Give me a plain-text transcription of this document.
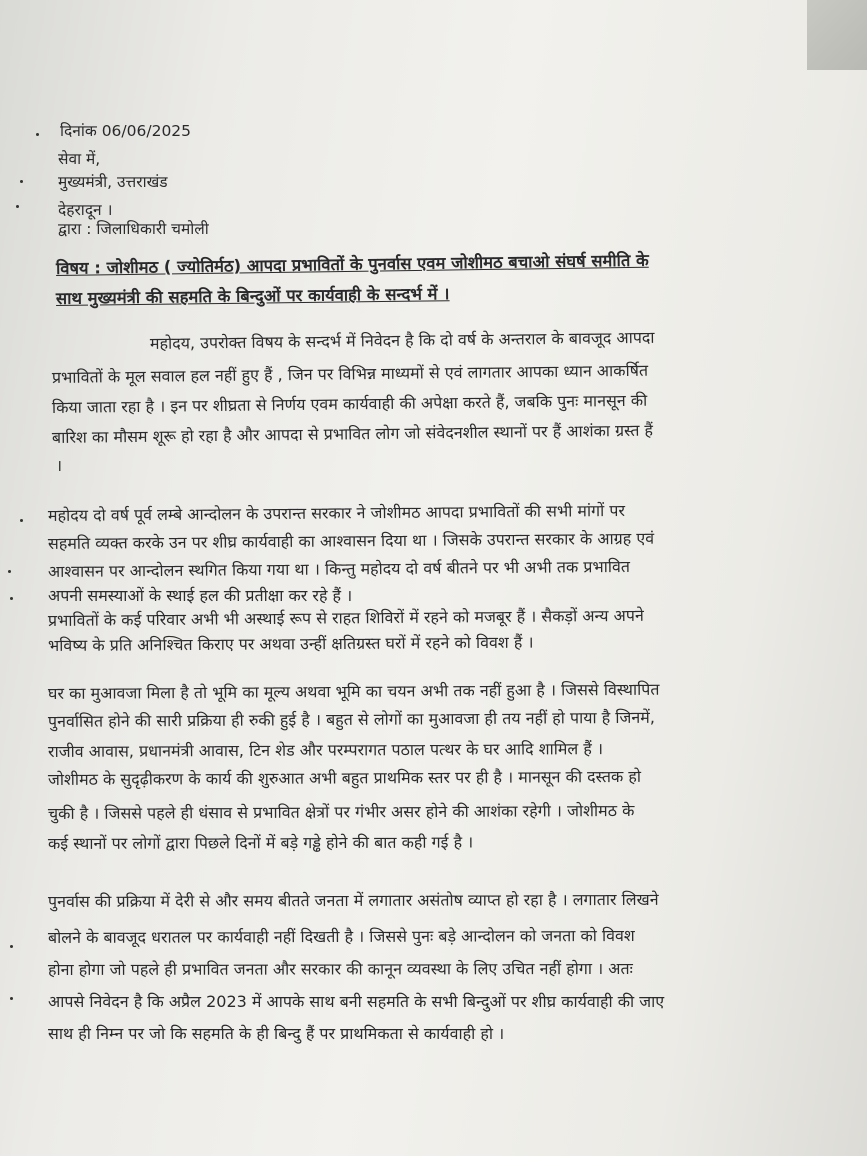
दिनांक 06/06/2025
सेवा में,
मुख्यमंत्री, उत्तराखंड
देहरादून ।
द्वारा : जिलाधिकारी चमोली
विषय : जोशीमठ ( ज्योतिर्मठ) आपदा प्रभावितों के पुनर्वास एवम जोशीमठ बचाओ संघर्ष समीति के
साथ मुख्यमंत्री की सहमति के बिन्दुओं पर कार्यवाही के सन्दर्भ में ।
महोदय, उपरोक्त विषय के सन्दर्भ में निवेदन है कि दो वर्ष के अन्तराल के बावजूद आपदा
प्रभावितों के मूल सवाल हल नहीं हुए हैं , जिन पर विभिन्न माध्यमों से एवं लागतार आपका ध्यान आकर्षित
किया जाता रहा है । इन पर शीघ्रता से निर्णय एवम कार्यवाही की अपेक्षा करते हैं, जबकि पुनः मानसून की
बारिश का मौसम शूरू हो रहा है और आपदा से प्रभावित लोग जो संवेदनशील स्थानों पर हैं आशंका ग्रस्त हैं
।
महोदय दो वर्ष पूर्व लम्बे आन्दोलन के उपरान्त सरकार ने जोशीमठ आपदा प्रभावितों की सभी मांगों पर
सहमति व्यक्त करके उन पर शीघ्र कार्यवाही का आश्वासन दिया था । जिसके उपरान्त सरकार के आग्रह एवं
आश्वासन पर आन्दोलन स्थगित किया गया था । किन्तु महोदय दो वर्ष बीतने पर भी अभी तक प्रभावित
अपनी समस्याओं के स्थाई हल की प्रतीक्षा कर रहे हैं ।
प्रभावितों के कई परिवार अभी भी अस्थाई रूप से राहत शिविरों में रहने को मजबूर हैं । सैकड़ों अन्य अपने
भविष्य के प्रति अनिश्चित किराए पर अथवा उन्हीं क्षतिग्रस्त घरों में रहने को विवश हैं ।
घर का मुआवजा मिला है तो भूमि का मूल्य अथवा भूमि का चयन अभी तक नहीं हुआ है । जिससे विस्थापित
पुनर्वासित होने की सारी प्रक्रिया ही रुकी हुई है । बहुत से लोगों का मुआवजा ही तय नहीं हो पाया है जिनमें,
राजीव आवास, प्रधानमंत्री आवास, टिन शेड और परम्परागत पठाल पत्थर के घर आदि शामिल हैं ।
जोशीमठ के सुदृढ़ीकरण के कार्य की शुरुआत अभी बहुत प्राथमिक स्तर पर ही है । मानसून की दस्तक हो
चुकी है । जिससे पहले ही धंसाव से प्रभावित क्षेत्रों पर गंभीर असर होने की आशंका रहेगी । जोशीमठ के
कई स्थानों पर लोगों द्वारा पिछले दिनों में बड़े गड्ढे होने की बात कही गई है ।
पुनर्वास की प्रक्रिया में देरी से और समय बीतते जनता में लगातार असंतोष व्याप्त हो रहा है । लगातार लिखने
बोलने के बावजूद धरातल पर कार्यवाही नहीं दिखती है । जिससे पुनः बड़े आन्दोलन को जनता को विवश
होना होगा जो पहले ही प्रभावित जनता और सरकार की कानून व्यवस्था के लिए उचित नहीं होगा । अतः
आपसे निवेदन है कि अप्रैल 2023 में आपके साथ बनी सहमति के सभी बिन्दुओं पर शीघ्र कार्यवाही की जाए
साथ ही निम्न पर जो कि सहमति के ही बिन्दु हैं पर प्राथमिकता से कार्यवाही हो ।
